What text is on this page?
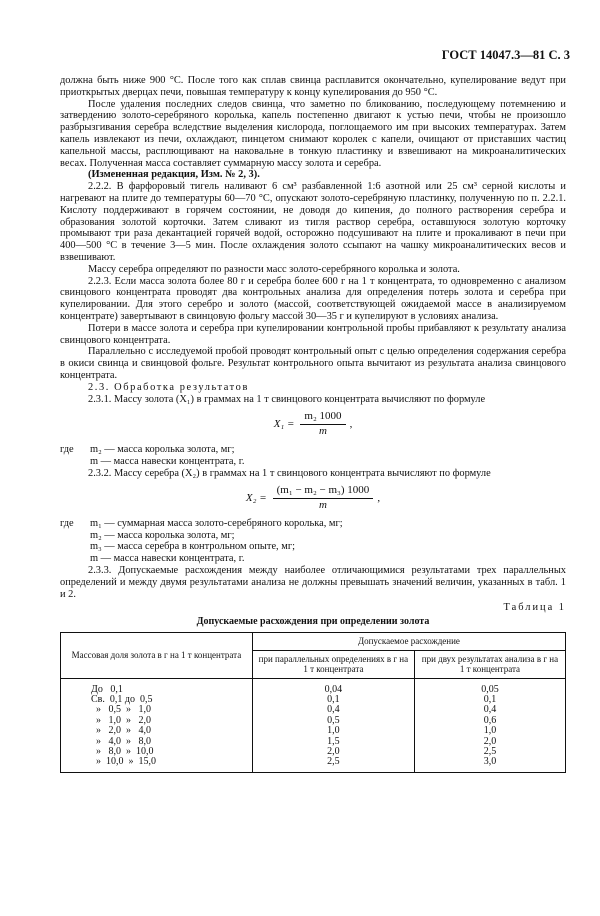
ГОСТ 14047.3—81 С. 3

должна быть ниже 900 °С. После того как сплав свинца расплавится окончательно, купелирование ведут при приоткрытых дверцах печи, повышая температуру к концу купелирования до 950 °С.

После удаления последних следов свинца, что заметно по бликованию, последующему потемнению и затвердению золото-серебряного королька, капель постепенно двигают к устью печи, чтобы не произошло разбрызгивания серебра вследствие выделения кислорода, поглощаемого им при высоких температурах. Затем капель извлекают из печи, охлаждают, пинцетом снимают королек с капели, очищают от приставших частиц капельной массы, расплющивают на наковальне в тонкую пластинку и взвешивают на микроаналитических весах. Полученная масса составляет суммарную массу золота и серебра.

(Измененная редакция, Изм. № 2, 3).

2.2.2. В фарфоровый тигель наливают 6 см³ разбавленной 1:6 азотной или 25 см³ серной кислоты и нагревают на плите до температуры 60—70 °С, опускают золото-серебряную пластинку, полученную по п. 2.2.1. Кислоту поддерживают в горячем состоянии, не доводя до кипения, до полного растворения серебра и образования золотой корточки. Затем сливают из тигля раствор серебра, оставшуюся золотую корточку промывают три раза декантацией горячей водой, осторожно подсушивают на плите и прокаливают в печи при 400—500 °С в течение 3—5 мин. После охлаждения золото ссыпают на чашку микроаналитических весов и взвешивают.

Массу серебра определяют по разности масс золото-серебряного королька и золота.

2.2.3. Если масса золота более 80 г и серебра более 600 г на 1 т концентрата, то одновременно с анализом свинцового концентрата проводят два контрольных анализа для определения потерь золота и серебра при купелировании. Для этого серебро и золото (массой, соответствующей ожидаемой массе в анализируемом концентрате) завертывают в свинцовую фольгу массой 30—35 г и купелируют в условиях анализа.

Потери в массе золота и серебра при купелировании контрольной пробы прибавляют к результату анализа свинцового концентрата.

Параллельно с исследуемой пробой проводят контрольный опыт с целью определения содержания серебра в окиси свинца и свинцовой фольге. Результат контрольного опыта вычитают из результата анализа свинцового концентрата.

2.3. Обработка результатов

2.3.1. Массу золота (X₁) в граммах на 1 т свинцового концентрата вычисляют по формуле

$X_1 = \frac{\text{m₂ 1000}}{m}$ ,
где	m₂ — масса королька золота, мг;
m — масса навески концентрата, г.

2.3.2. Массу серебра (X₂) в граммах на 1 т свинцового концентрата вычисляют по формуле

$X_2 = \frac{\text{(m₁ − m₂ − m₃) 1000}}{m}$ ,
где	m₁ — суммарная масса золото-серебряного королька, мг;
m₂ — масса королька золота, мг;
m₃ — масса серебра в контрольном опыте, мг;
m — масса навески концентрата, г.

2.3.3. Допускаемые расхождения между наиболее отличающимися результатами трех параллельных определений и между двумя результатами анализа не должны превышать значений величин, указанных в табл. 1 и 2.

Таблица 1
Допускаемые расхождения при определении золота
Массовая доля золота в г на 1 т концентрата	Допускаемое расхождение	
	при параллельных определениях в г на 1 т концентрата	при двух результатах анализа в г на 1 т концентрата
До   0,1	0,04	0,05
Св.  0,1 до  0,5	0,1	0,1
»   0,5  »   1,0	0,4	0,4
»   1,0  »   2,0	0,5	0,6
»   2,0  »   4,0	1,0	1,0
»   4,0  »   8,0	1,5	2,0
»   8,0  »  10,0	2,0	2,5
»  10,0  »  15,0	2,5	3,0
